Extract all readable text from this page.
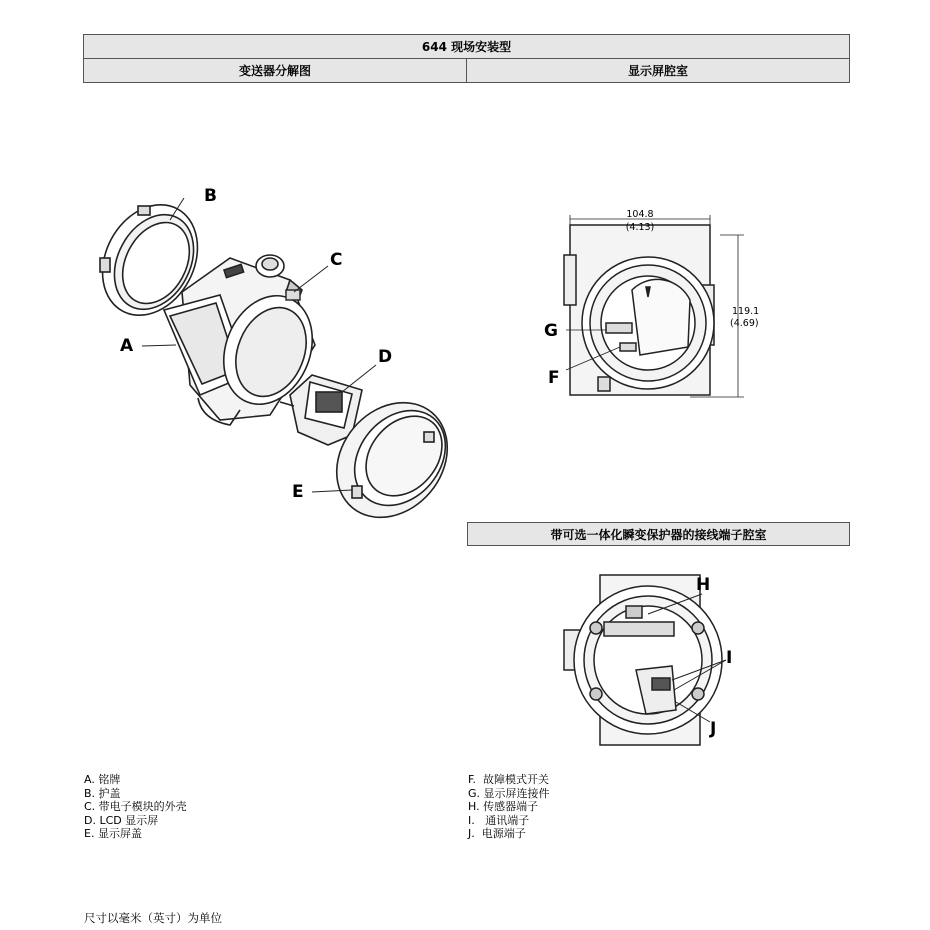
644 现场安装型
变送器分解图	显示屏腔室
B
A
C
D
E
104.8
(4.13)
119.1
(4.69)
G
F
带可选一体化瞬变保护器的接线端子腔室
H
I
J
A. 铭牌
B. 护盖
C. 带电子模块的外壳
D. LCD 显示屏
E. 显示屏盖
F.  故障模式开关
G. 显示屏连接件
H. 传感器端子
I.   通讯端子
J.  电源端子
尺寸以毫米（英寸）为单位
